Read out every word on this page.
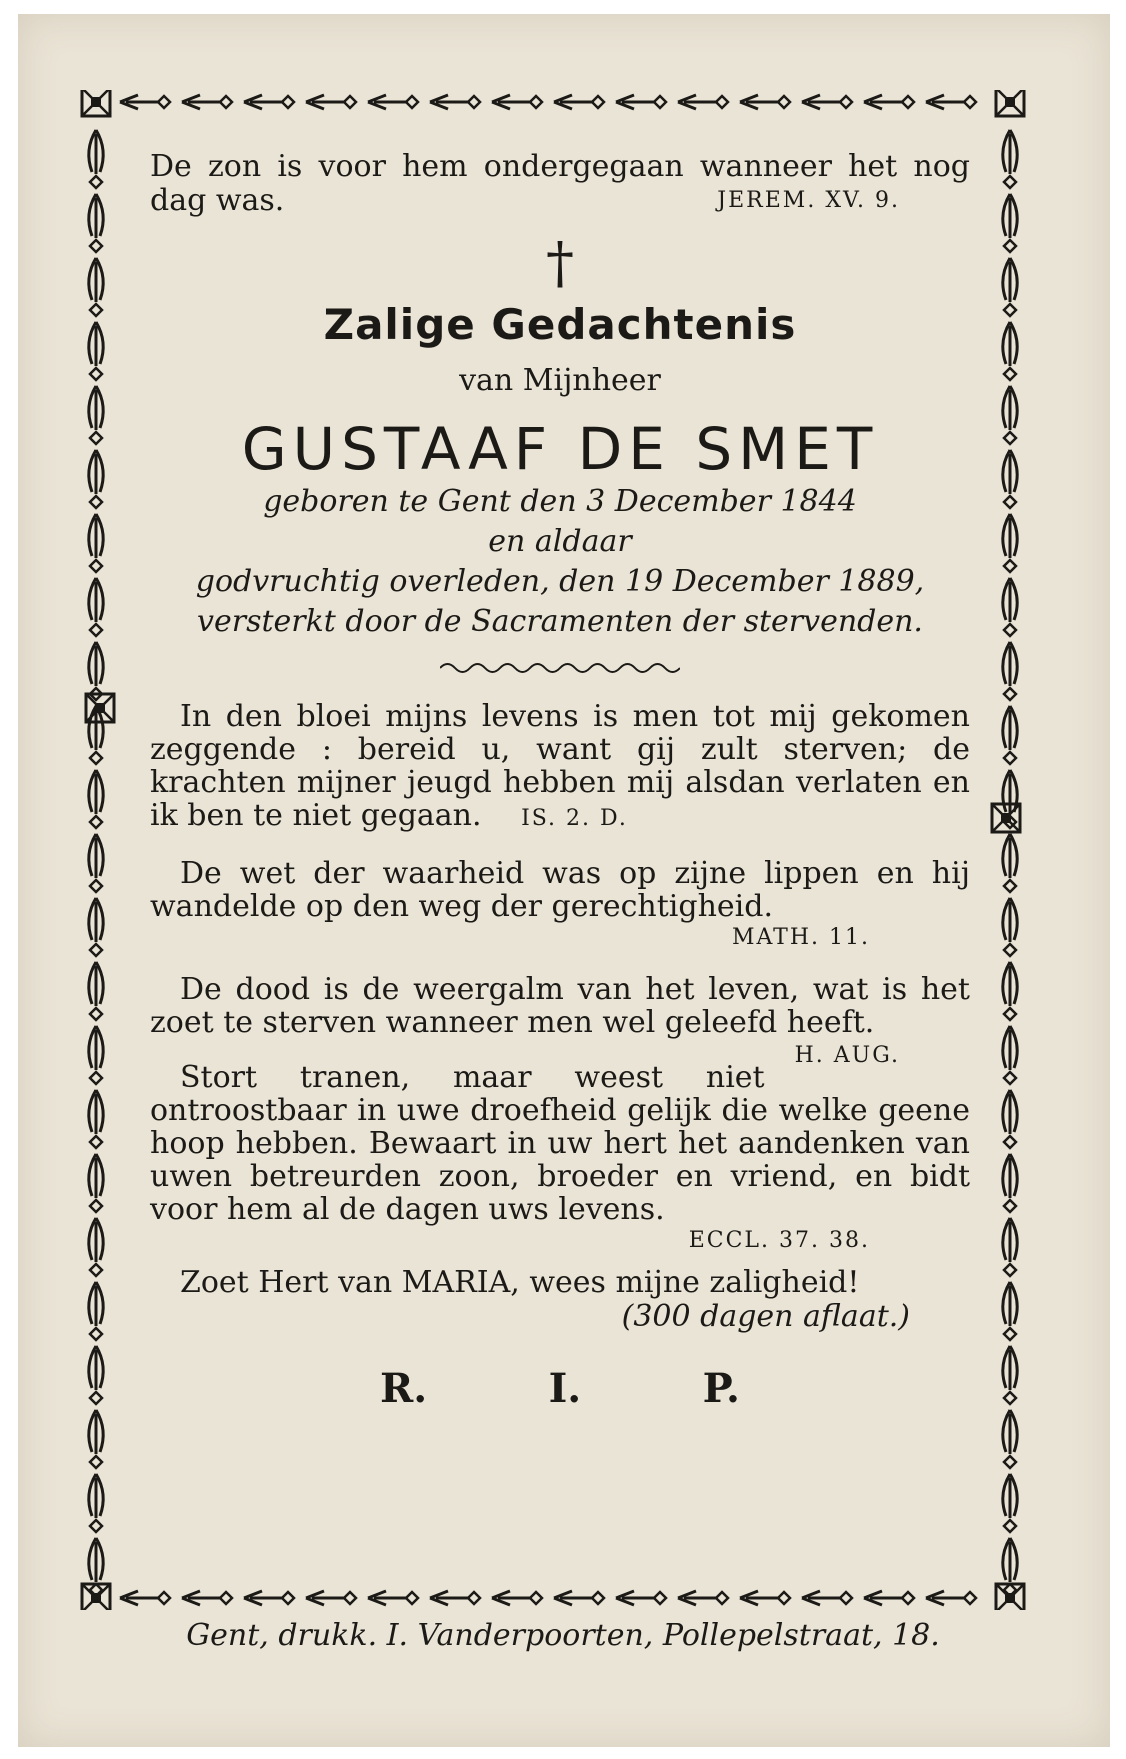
De zon is voor hem ondergegaan wanneer het nog dag was.	JEREM. XV. 9.

†
Zalige Gedachtenis
van Mijnheer
GUSTAAF DE SMET
geboren te Gent den 3 December 1844
en aldaar
godvruchtig overleden, den 19 December 1889,
versterkt door de Sacramenten der stervenden.

In den bloei mijns levens is men tot mij gekomen zeggende : bereid u, want gij zult sterven; de krachten mijner jeugd hebben mij alsdan verlaten en ik ben te niet gegaan. IS. 2. D.

De wet der waarheid was op zijne lippen en hij wandelde op den weg der gerechtigheid.

MATH. 11.

De dood is de weergalm van het leven, wat is het zoet te sterven wanneer men wel geleefd heeft.
H. AUG.

Stort tranen, maar weest niet ontroostbaar in uwe droefheid gelijk die welke geene hoop hebben. Bewaart in uw hert het aandenken van uwen betreurden zoon, broeder en vriend, en bidt voor hem al de dagen uws levens.

ECCL. 37. 38.
Zoet Hert van MARIA, wees mijne zaligheid!
(300 dagen aflaat.)
R.	I.	P.
Gent, drukk. I. Vanderpoorten, Pollepelstraat, 18.
